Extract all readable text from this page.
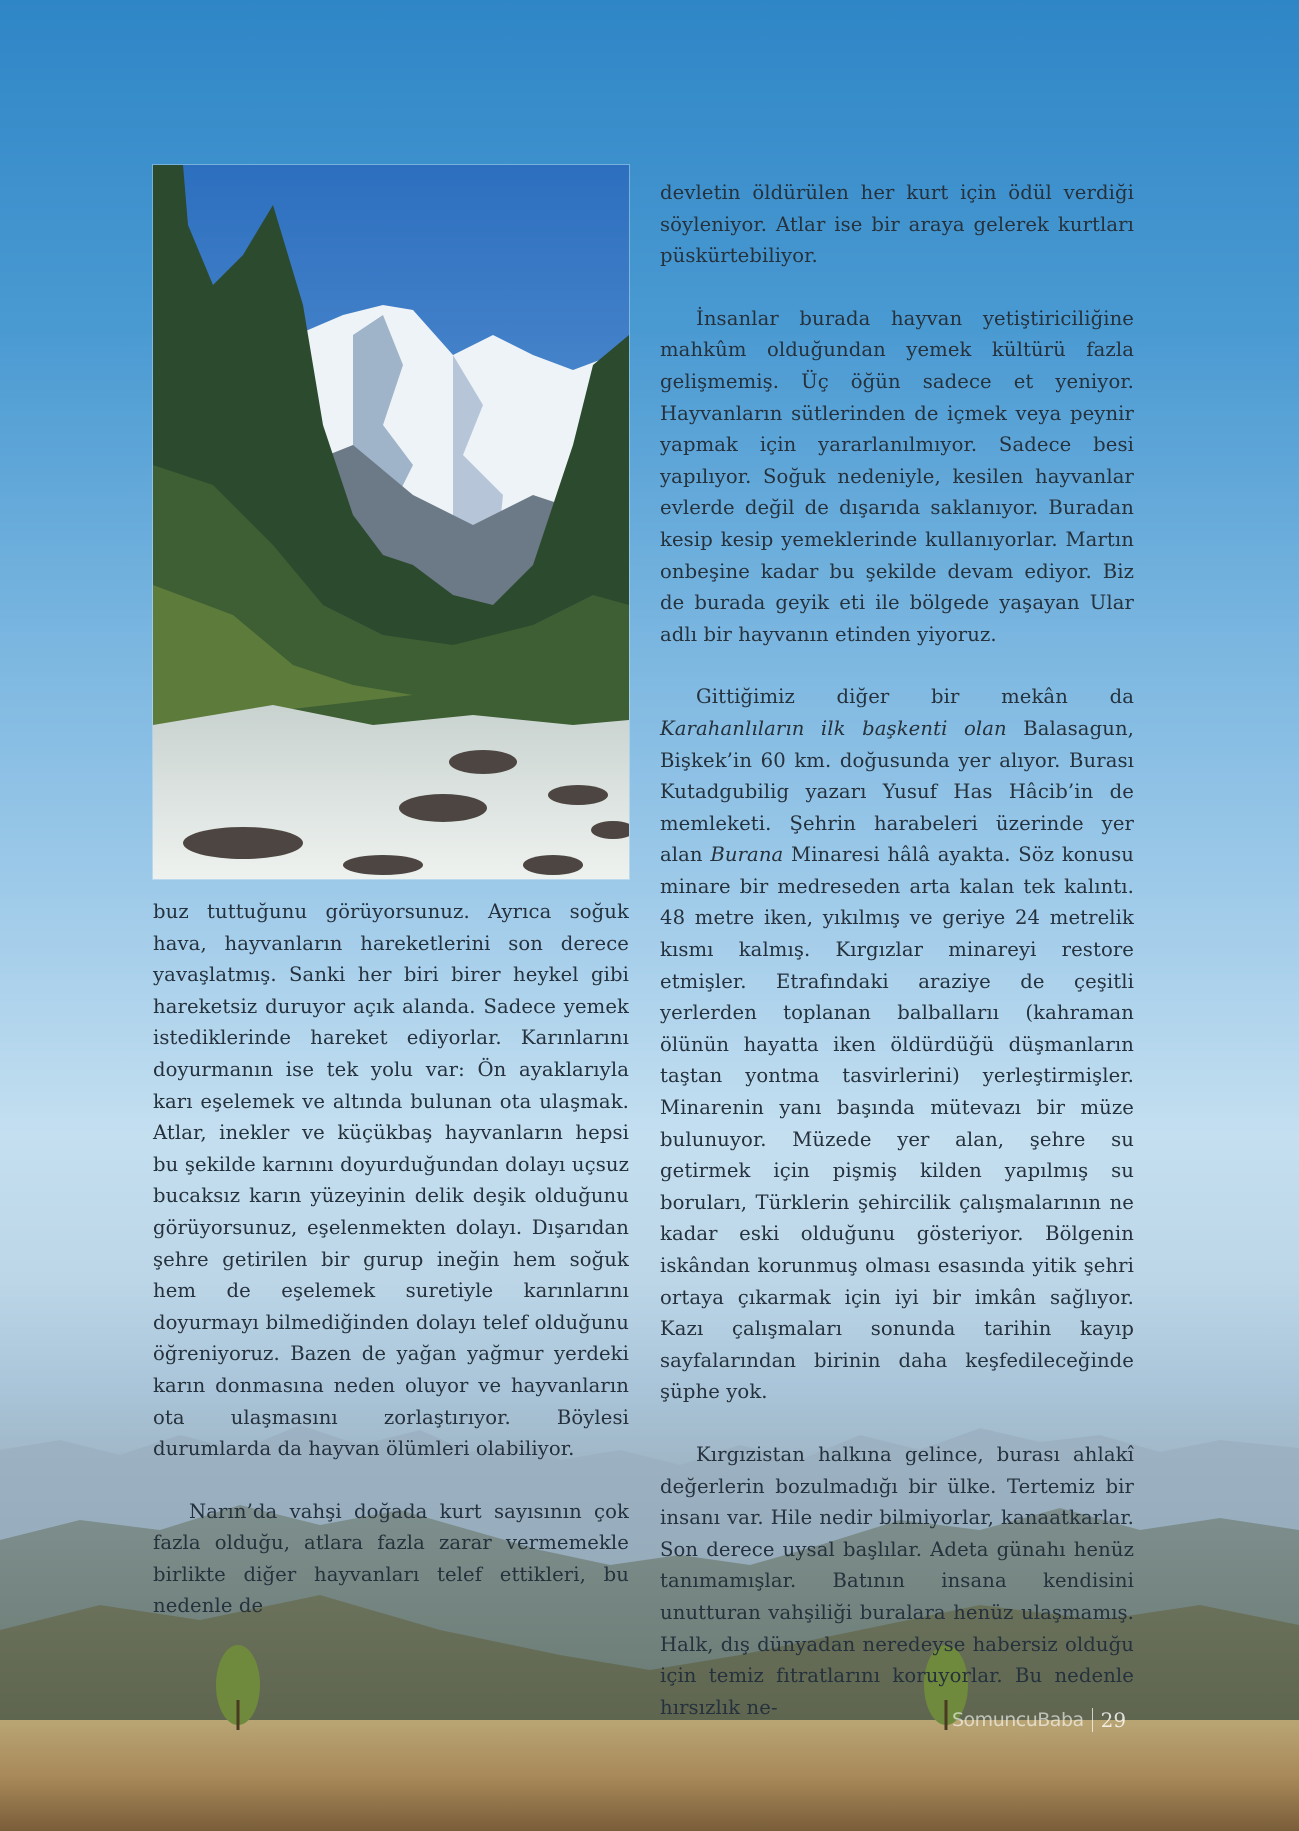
buz tuttuğunu görüyorsunuz. Ayrıca soğuk hava, hayvanların hareketlerini son derece yavaşlatmış. Sanki her biri birer heykel gibi hareketsiz duruyor açık alanda. Sadece yemek istediklerinde hareket ediyorlar. Karınlarını doyurmanın ise tek yolu var: Ön ayaklarıyla karı eşelemek ve altında bulunan ota ulaşmak. Atlar, inekler ve küçükbaş hayvanların hepsi bu şekilde karnını doyurduğundan dolayı uçsuz bucaksız karın yüzeyinin delik deşik olduğunu görüyorsunuz, eşelenmekten dolayı. Dışarıdan şehre getirilen bir gurup ineğin hem soğuk hem de eşelemek suretiyle karınlarını doyurmayı bilmediğinden dolayı telef olduğunu öğreniyoruz. Bazen de yağan yağmur yerdeki karın donmasına neden oluyor ve hayvanların ota ulaşmasını zorlaştırıyor. Böylesi durumlarda da hayvan ölümleri olabiliyor.

Narın’da vahşi doğada kurt sayısının çok fazla olduğu, atlara fazla zarar vermemekle birlikte diğer hayvanları telef ettikleri, bu nedenle de

devletin öldürülen her kurt için ödül verdiği söyleniyor. Atlar ise bir araya gelerek kurtları püskürtebiliyor.

İnsanlar burada hayvan yetiştiriciliğine mahkûm olduğundan yemek kültürü fazla gelişmemiş. Üç öğün sadece et yeniyor. Hayvanların sütlerinden de içmek veya peynir yapmak için yararlanılmıyor. Sadece besi yapılıyor. Soğuk nedeniyle, kesilen hayvanlar evlerde değil de dışarıda saklanıyor. Buradan kesip kesip yemeklerinde kullanıyorlar. Martın onbeşine kadar bu şekilde devam ediyor. Biz de burada geyik eti ile bölgede yaşayan Ular adlı bir hayvanın etinden yiyoruz.

Gittiğimiz diğer bir mekân da Karahanlıların ilk başkenti olan Balasagun, Bişkek’in 60 km. doğusunda yer alıyor. Burası Kutadgubilig yazarı Yusuf Has Hâcib’in de memleketi. Şehrin harabeleri üzerinde yer alan Burana Minaresi hâlâ ayakta. Söz konusu minare bir medreseden arta kalan tek kalıntı. 48 metre iken, yıkılmış ve geriye 24 metrelik kısmı kalmış. Kırgızlar minareyi restore etmişler. Etrafındaki araziye de çeşitli yerlerden toplanan balballarıı (kahraman ölünün hayatta iken öldürdüğü düşmanların taştan yontma tasvirlerini) yerleştirmişler. Minarenin yanı başında mütevazı bir müze bulunuyor. Müzede yer alan, şehre su getirmek için pişmiş kilden yapılmış su boruları, Türklerin şehircilik çalışmalarının ne kadar eski olduğunu gösteriyor. Bölgenin iskândan korunmuş olması esasında yitik şehri ortaya çıkarmak için iyi bir imkân sağlıyor. Kazı çalışmaları sonunda tarihin kayıp sayfalarından birinin daha keşfedileceğinde şüphe yok.

Kırgızistan halkına gelince, burası ahlakî değerlerin bozulmadığı bir ülke. Tertemiz bir insanı var. Hile nedir bilmiyorlar, kanaatkarlar. Son derece uysal başlılar. Adeta günahı henüz tanımamışlar. Batının insana kendisini unutturan vahşiliği buralara henüz ulaşmamış. Halk, dış dünyadan neredeyse habersiz olduğu için temiz fıtratlarını koruyorlar. Bu nedenle hırsızlık ne-

SomuncuBaba 29
